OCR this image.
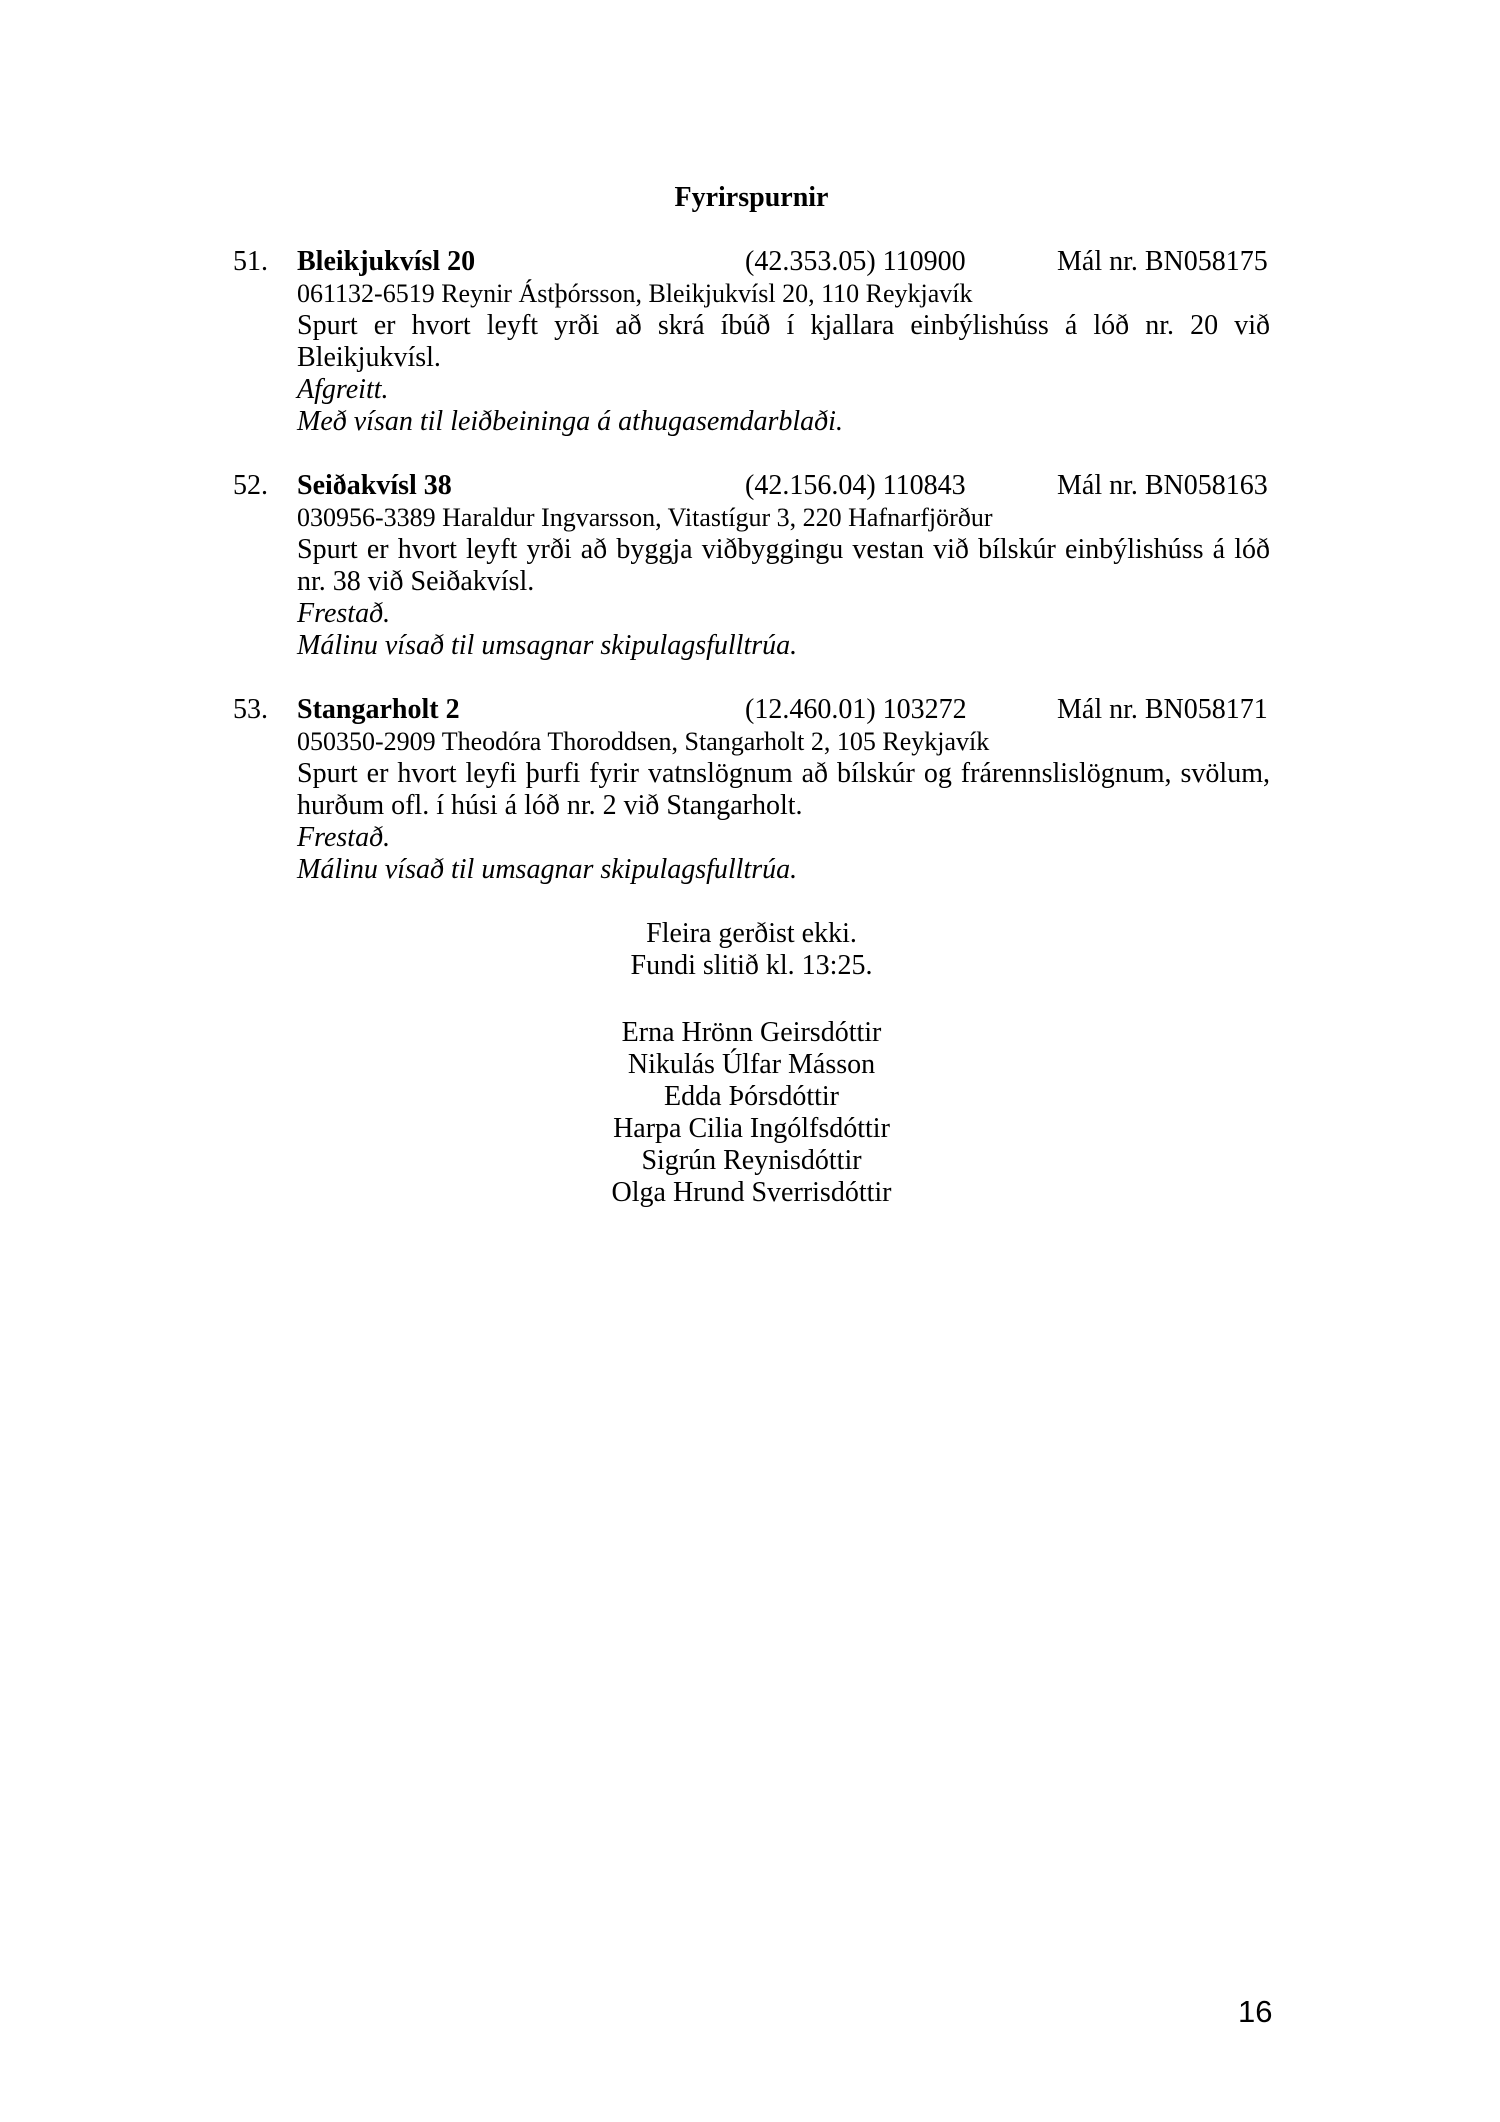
Fyrirspurnir
51.	Bleikjukvísl 20	(42.353.05) 110900	Mál nr. BN058175
061132-6519 Reynir Ástþórsson, Bleikjukvísl 20, 110 Reykjavík
Spurt er hvort leyft yrði að skrá íbúð í kjallara einbýlishúss á lóð nr. 20 við Bleikjukvísl.
Afgreitt.
Með vísan til leiðbeininga á athugasemdarblaði.
52.	Seiðakvísl 38	(42.156.04) 110843	Mál nr. BN058163
030956-3389 Haraldur Ingvarsson, Vitastígur 3, 220 Hafnarfjörður
Spurt er hvort leyft yrði að byggja viðbyggingu vestan við bílskúr einbýlishúss á lóð nr. 38 við Seiðakvísl.
Frestað.
Málinu vísað til umsagnar skipulagsfulltrúa.
53.	Stangarholt 2	(12.460.01) 103272	Mál nr. BN058171
050350-2909 Theodóra Thoroddsen, Stangarholt 2, 105 Reykjavík
Spurt er hvort leyfi þurfi fyrir vatnslögnum að bílskúr og frárennslislögnum, svölum, hurðum ofl. í húsi á lóð nr. 2 við Stangarholt.
Frestað.
Málinu vísað til umsagnar skipulagsfulltrúa.
Fleira gerðist ekki.
Fundi slitið kl. 13:25.
Erna Hrönn Geirsdóttir
Nikulás Úlfar Másson
Edda Þórsdóttir
Harpa Cilia Ingólfsdóttir
Sigrún Reynisdóttir
Olga Hrund Sverrisdóttir
16
